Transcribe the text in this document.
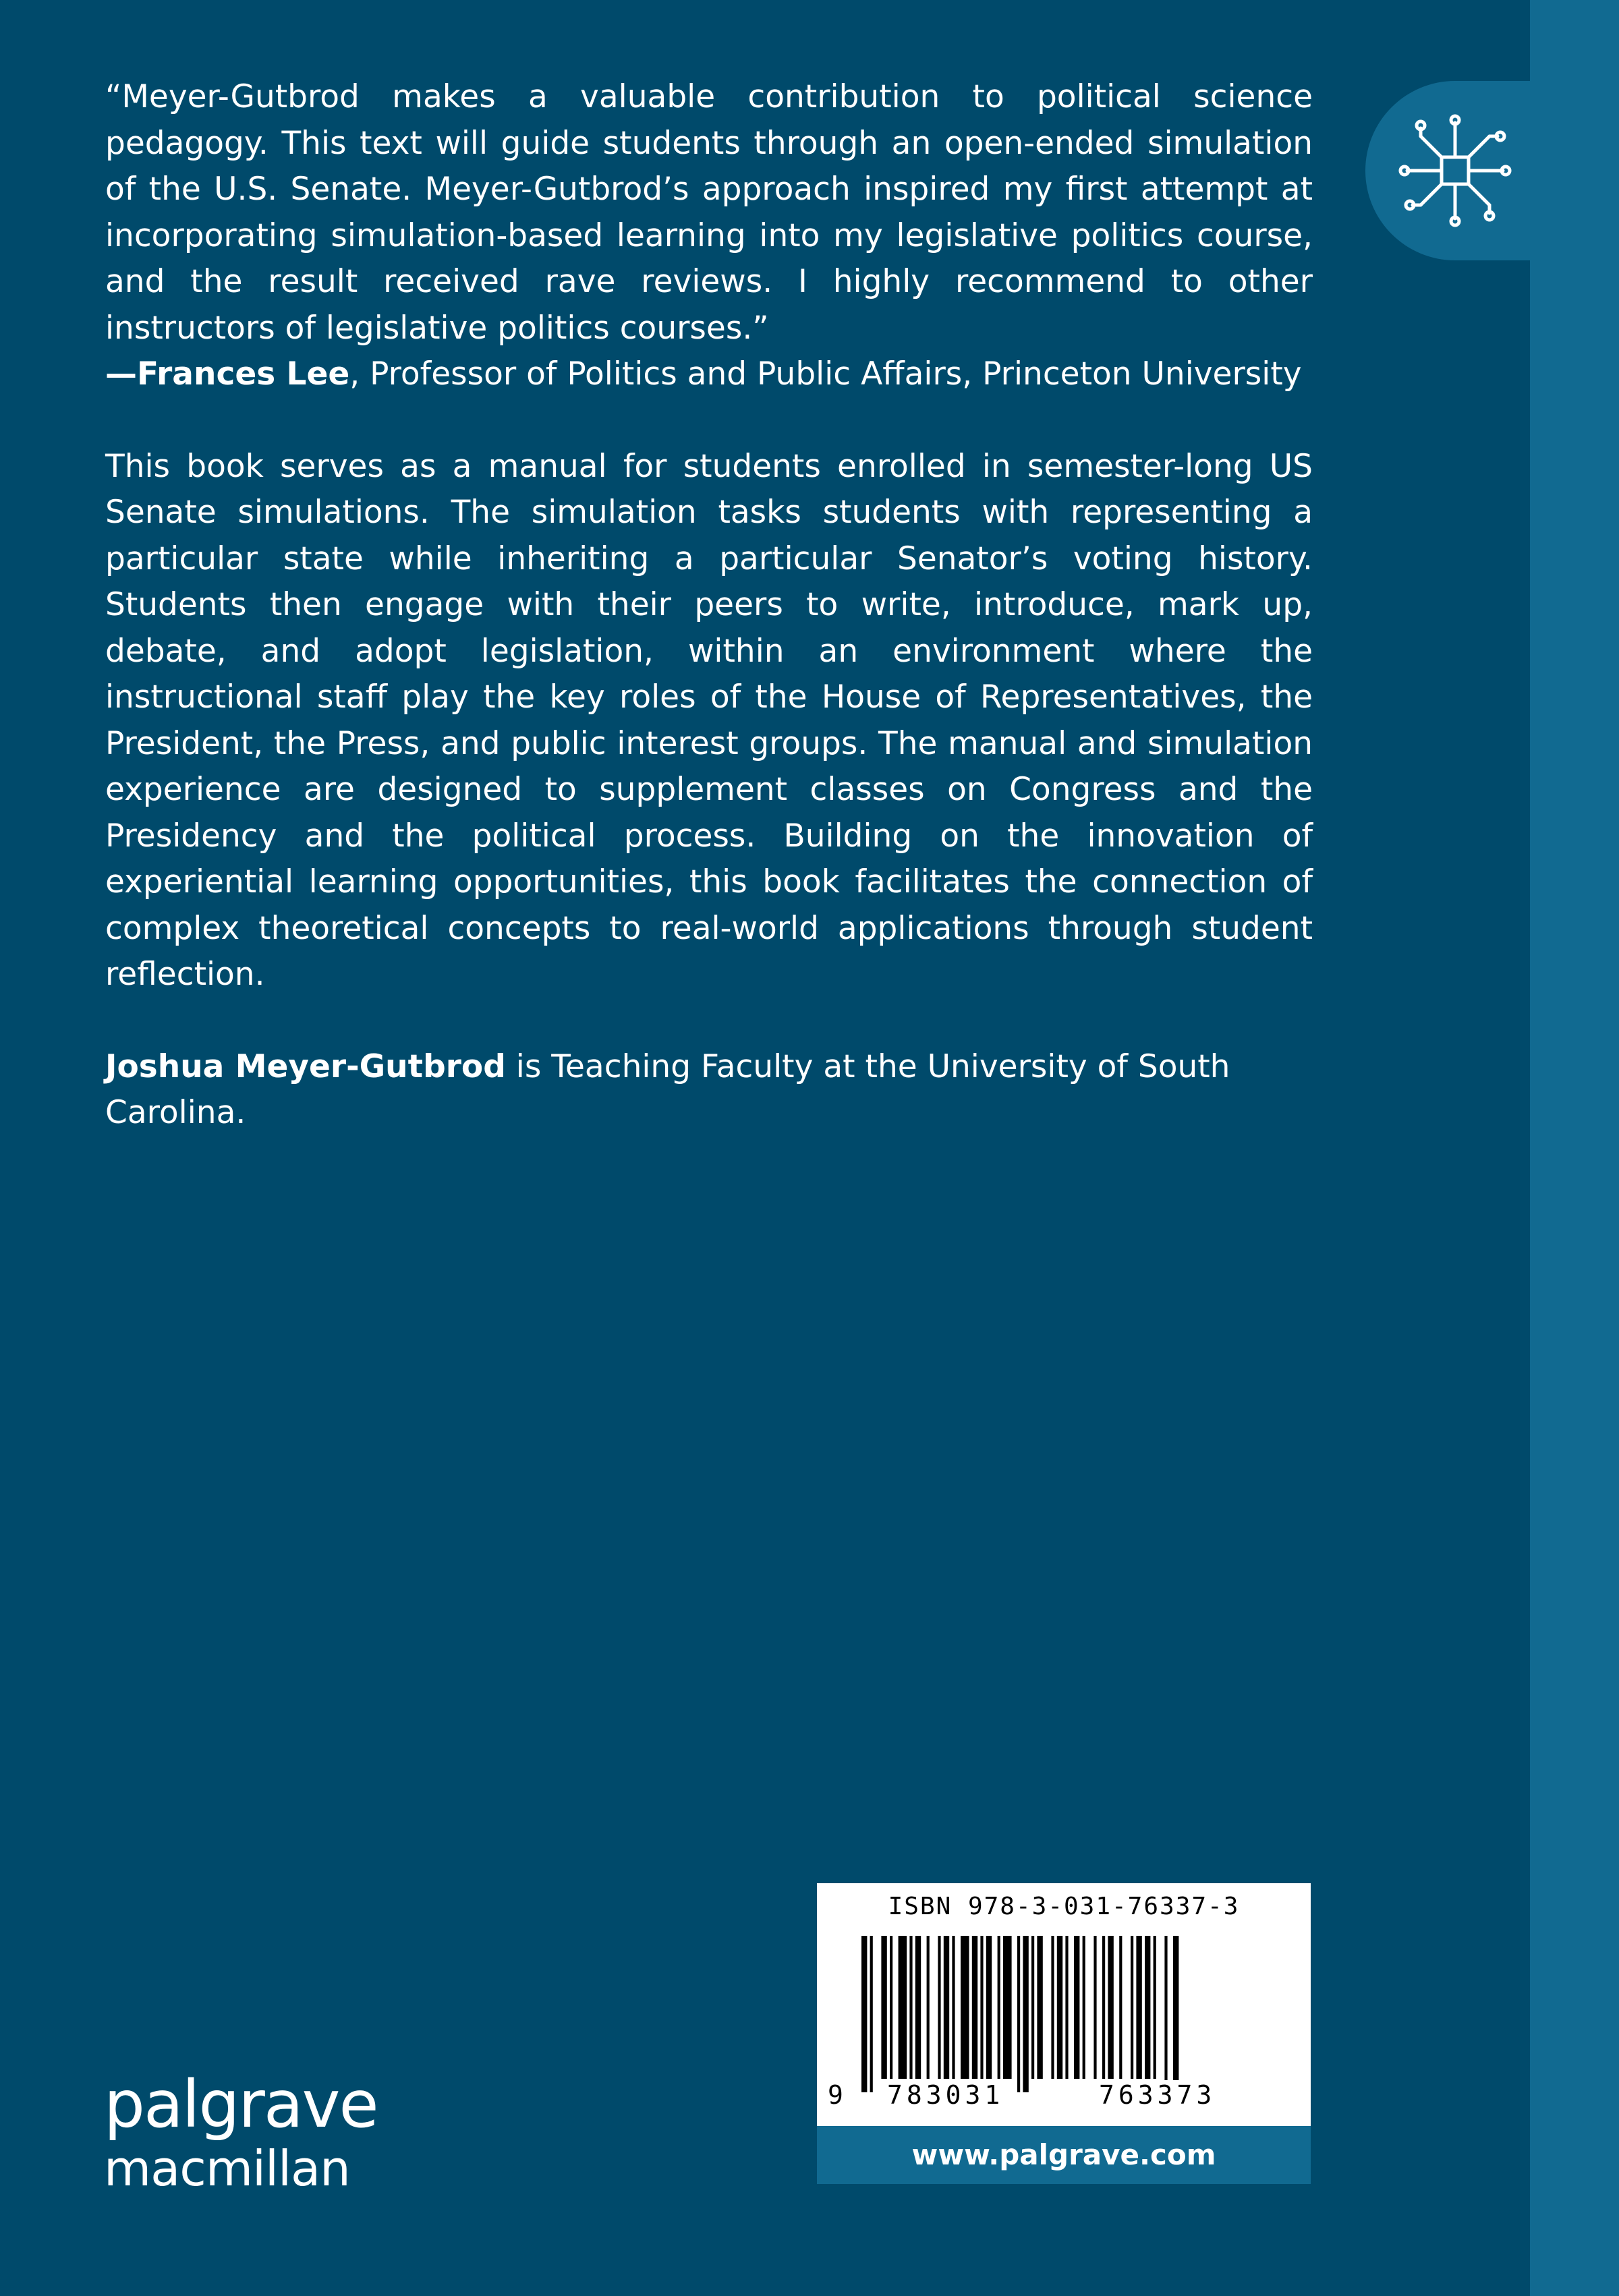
“Meyer-Gutbrod makes a valuable contribution to political science pedagogy. This text will guide students through an open-ended simulation of the U.S. Senate. Meyer-Gutbrod’s approach inspired my first attempt at incorporating simulation-based learning into my legislative politics course, and the result received rave reviews. I highly recommend to other instructors of legislative politics courses.”

—Frances Lee, Professor of Politics and Public Affairs, Princeton University

This book serves as a manual for students enrolled in semester-long US Senate simulations. The simulation tasks students with representing a particular state while inheriting a particular Senator’s voting history. Students then engage with their peers to write, introduce, mark up, debate, and adopt legislation, within an environment where the instructional staff play the key roles of the House of Representatives, the President, the Press, and public interest groups. The manual and simulation experience are designed to supplement classes on Congress and the Presidency and the political process. Building on the innovation of experiential learning opportunities, this book facilitates the connection of complex theoretical concepts to real-world applications through student reflection.

Joshua Meyer-Gutbrod is Teaching Faculty at the University of South Carolina.

palgrave
macmillan
ISBN 978-3-031-76337-3
9 783031	763373
www.palgrave.com
